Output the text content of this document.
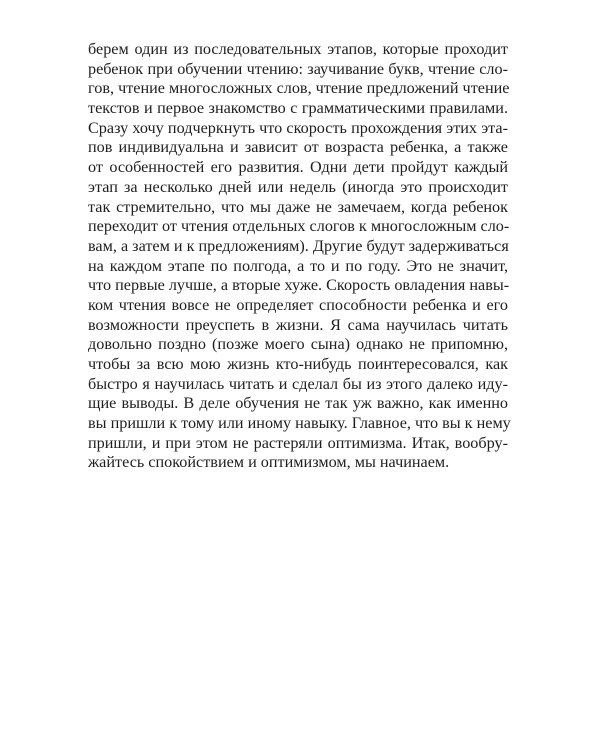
берем один из последовательных этапов, которые проходит
ребенок при обучении чтению: заучивание букв, чтение сло-
гов, чтение многосложных слов, чтение предложений чтение
текстов и первое знакомство с грамматическими правилами.
Сразу хочу подчеркнуть что скорость прохождения этих эта-
пов индивидуальна и зависит от возраста ребенка, а также
от особенностей его развития. Одни дети пройдут каждый
этап за несколько дней или недель (иногда это происходит
так стремительно, что мы даже не замечаем, когда ребенок
переходит от чтения отдельных слогов к многосложным сло-
вам, а затем и к предложениям). Другие будут задерживаться
на каждом этапе по полгода, а то и по году. Это не значит,
что первые лучше, а вторые хуже. Скорость овладения навы-
ком чтения вовсе не определяет способности ребенка и его
возможности преуспеть в жизни. Я сама научилась читать
довольно поздно (позже моего сына) однако не припомню,
чтобы за всю мою жизнь кто-нибудь поинтересовался, как
быстро я научилась читать и сделал бы из этого далеко иду-
щие выводы. В деле обучения не так уж важно, как именно
вы пришли к тому или иному навыку. Главное, что вы к нему
пришли, и при этом не растеряли оптимизма. Итак, вообру-
жайтесь спокойствием и оптимизмом, мы начинаем.
